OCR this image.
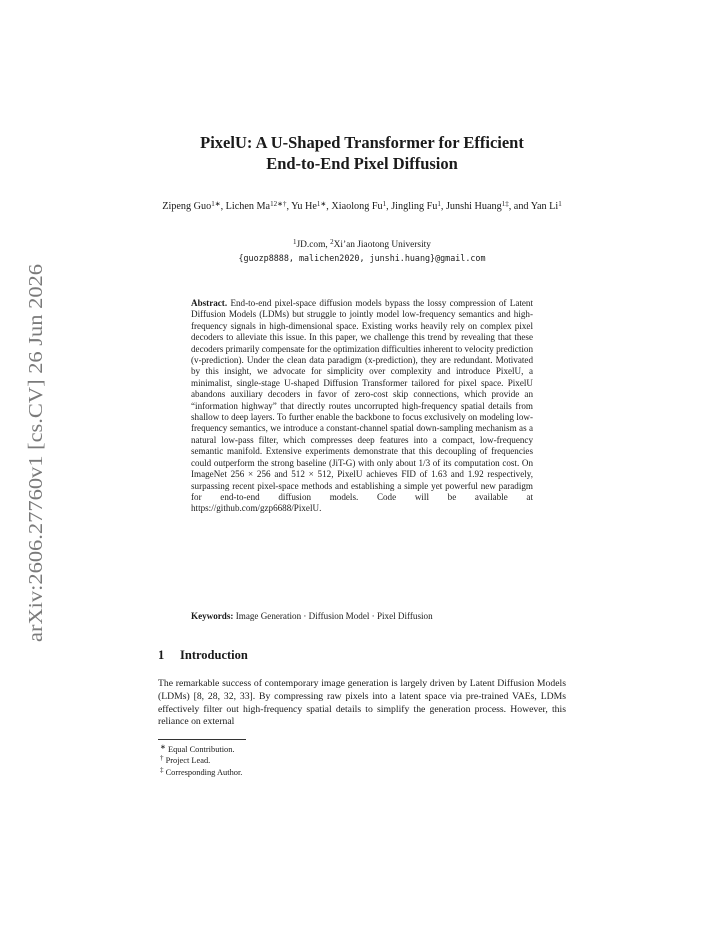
arXiv:2606.27760v1 [cs.CV] 26 Jun 2026
PixelU: A U-Shaped Transformer for Efficient
End-to-End Pixel Diffusion
Zipeng Guo$^{1∗}$, Lichen $Ma^{12∗\dagger}$, Yu $He^{1∗}$, Xiaolong Fu$^1$, Jingling Fu$^1$, Junshi Huang$^{1\ddagger}$, and Yan Li$^1$
$^1$JD.com, $^2$Xi’an Jiaotong University
{guozp8888, malichen2020, junshi.huang}@gmail.com
Abstract. End-to-end pixel-space diffusion models bypass the lossy compression of Latent Diffusion Models (LDMs) but struggle to jointly model low-frequency semantics and high-frequency signals in high-dimensional space. Existing works heavily rely on complex pixel decoders to alleviate this issue. In this paper, we challenge this trend by revealing that these decoders primarily compensate for the optimization difficulties inherent to velocity prediction (v-prediction). Under the clean data paradigm (x-prediction), they are redundant. Motivated by this insight, we advocate for simplicity over complexity and introduce PixelU, a minimalist, single-stage U-shaped Diffusion Transformer tailored for pixel space. PixelU abandons auxiliary decoders in favor of zero-cost skip connections, which provide an “information highway” that directly routes uncorrupted high-frequency spatial details from shallow to deep layers. To further enable the backbone to focus exclusively on modeling low-frequency semantics, we introduce a constant-channel spatial down-sampling mechanism as a natural low-pass filter, which compresses deep features into a compact, low-frequency semantic manifold. Extensive experiments demonstrate that this decoupling of frequencies could outperform the strong baseline (JiT-G) with only about 1/3 of its computation cost. On ImageNet 256 × 256 and 512 × 512, PixelU achieves FID of 1.63 and 1.92 respectively, surpassing recent pixel-space methods and establishing a simple yet powerful new paradigm for end-to-end diffusion models. Code will be available at https://github.com/gzp6688/PixelU.
Keywords: Image Generation · Diffusion Model · Pixel Diffusion
1 Introduction
The remarkable success of contemporary image generation is largely driven by Latent Diffusion Models (LDMs) [8, 28, 32, 33]. By compressing raw pixels into a latent space via pre-trained VAEs, LDMs effectively filter out high-frequency spatial details to simplify the generation process. However, this reliance on external
∗ Equal Contribution.
† Project Lead.
‡ Corresponding Author.
